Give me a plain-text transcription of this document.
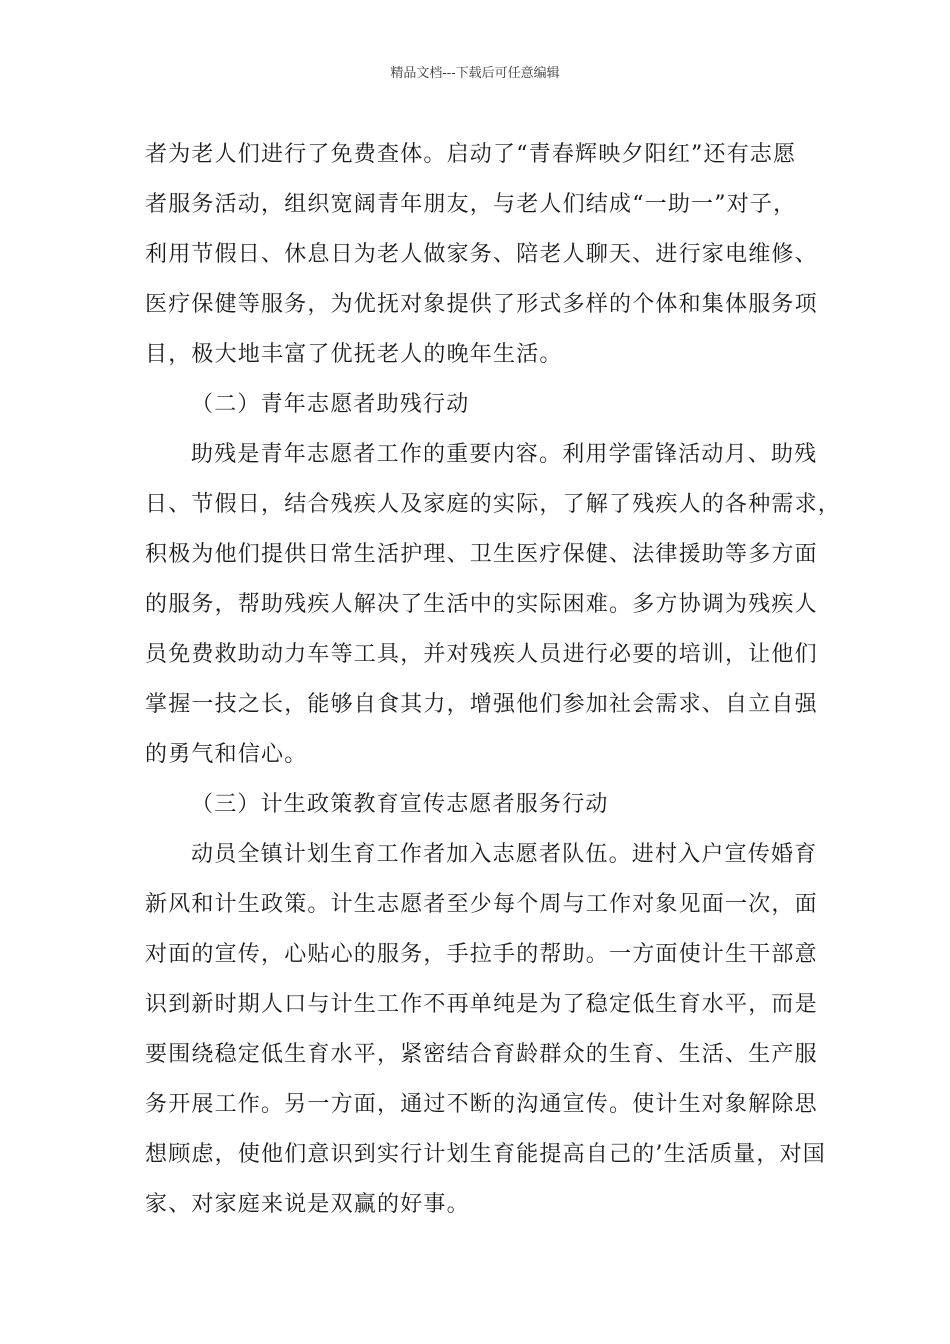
精品文档---下载后可任意编辑
者为老人们进行了免费查体。启动了“青春辉映夕阳红”还有志愿
者服务活动，组织宽阔青年朋友，与老人们结成“一助一”对子，
利用节假日、休息日为老人做家务、陪老人聊天、进行家电维修、
医疗保健等服务，为优抚对象提供了形式多样的个体和集体服务项
目，极大地丰富了优抚老人的晚年生活。
（二）青年志愿者助残行动
助残是青年志愿者工作的重要内容。利用学雷锋活动月、助残
日、节假日，结合残疾人及家庭的实际，了解了残疾人的各种需求，
积极为他们提供日常生活护理、卫生医疗保健、法律援助等多方面
的服务，帮助残疾人解决了生活中的实际困难。多方协调为残疾人
员免费救助动力车等工具，并对残疾人员进行必要的培训，让他们
掌握一技之长，能够自食其力，增强他们参加社会需求、自立自强
的勇气和信心。
（三）计生政策教育宣传志愿者服务行动
动员全镇计划生育工作者加入志愿者队伍。进村入户宣传婚育
新风和计生政策。计生志愿者至少每个周与工作对象见面一次，面
对面的宣传，心贴心的服务，手拉手的帮助。一方面使计生干部意
识到新时期人口与计生工作不再单纯是为了稳定低生育水平，而是
要围绕稳定低生育水平，紧密结合育龄群众的生育、生活、生产服
务开展工作。另一方面，通过不断的沟通宣传。使计生对象解除思
想顾虑，使他们意识到实行计划生育能提高自己的’生活质量，对国
家、对家庭来说是双赢的好事。
